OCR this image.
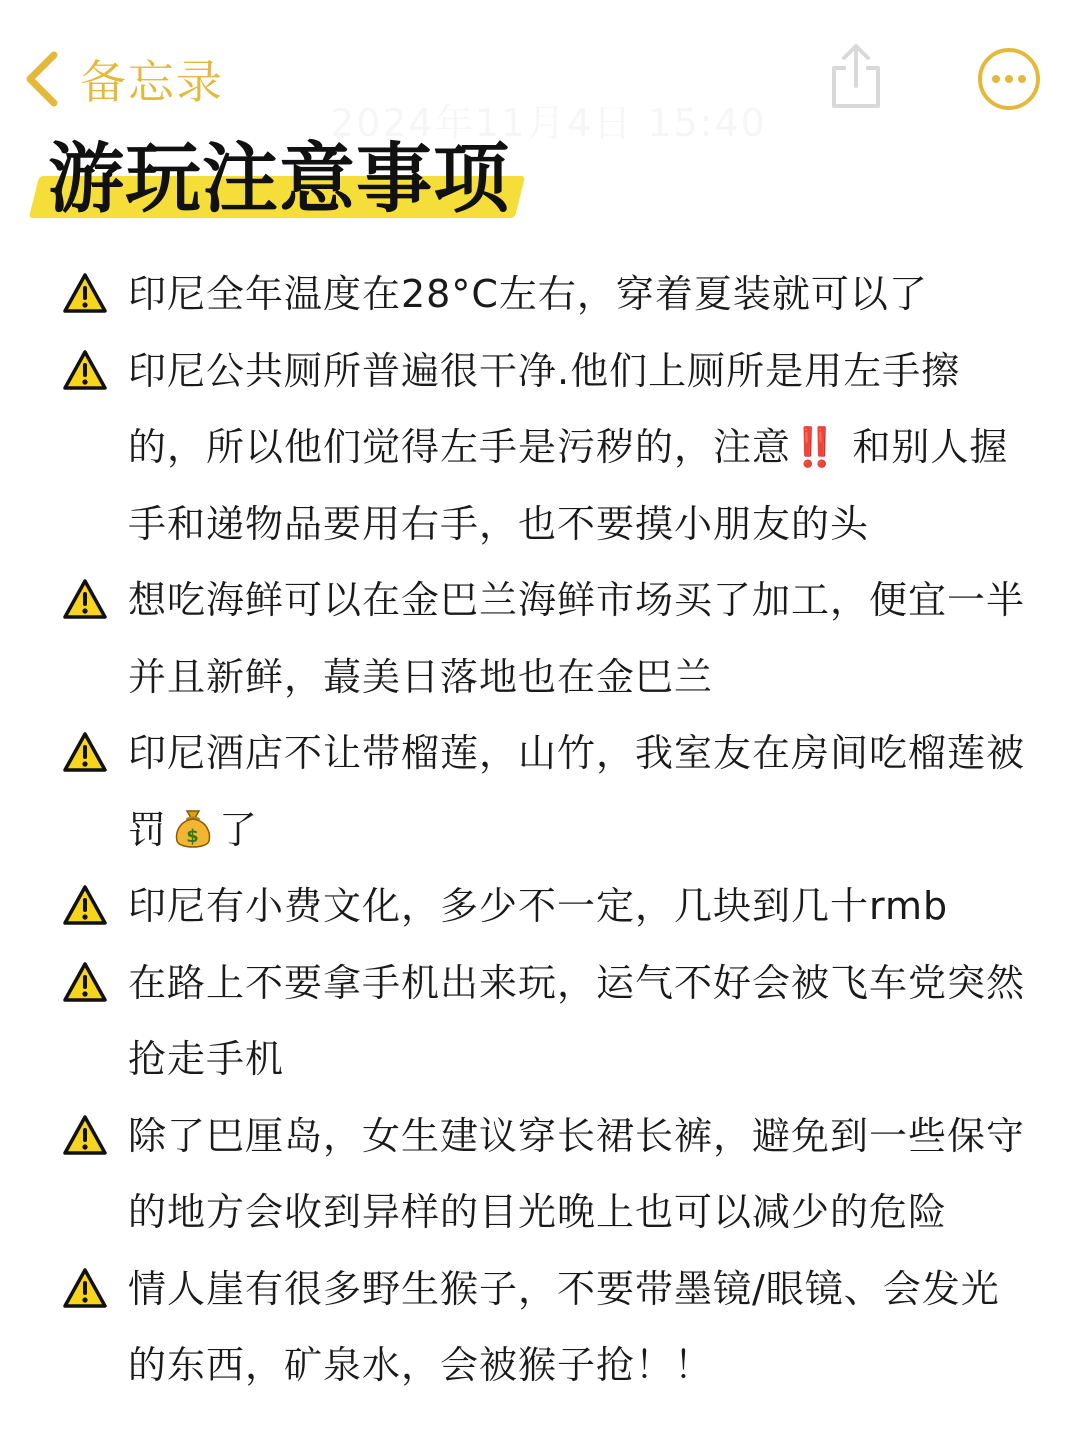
备忘录
游玩注意事项
印尼全年温度在28°C左右，穿着夏装就可以了
印尼公共厕所普遍很干净.他们上厕所是用左手擦的，所以他们觉得左手是污秽的，注意‼️ 和别人握手和递物品要用右手，也不要摸小朋友的头
想吃海鲜可以在金巴兰海鲜市场买了加工，便宜一半并且新鲜，蕞美日落地也在金巴兰
印尼酒店不让带榴莲，山竹，我室友在房间吃榴莲被罚 $ 了
印尼有小费文化，多少不一定，几块到几十rmb
在路上不要拿手机出来玩，运气不好会被飞车党突然抢走手机
除了巴厘岛，女生建议穿长裙长裤，避免到一些保守的地方会收到异样的目光晚上也可以减少的危险
情人崖有很多野生猴子，不要带墨镜/眼镜、会发光的东西，矿泉水，会被猴子抢！！
